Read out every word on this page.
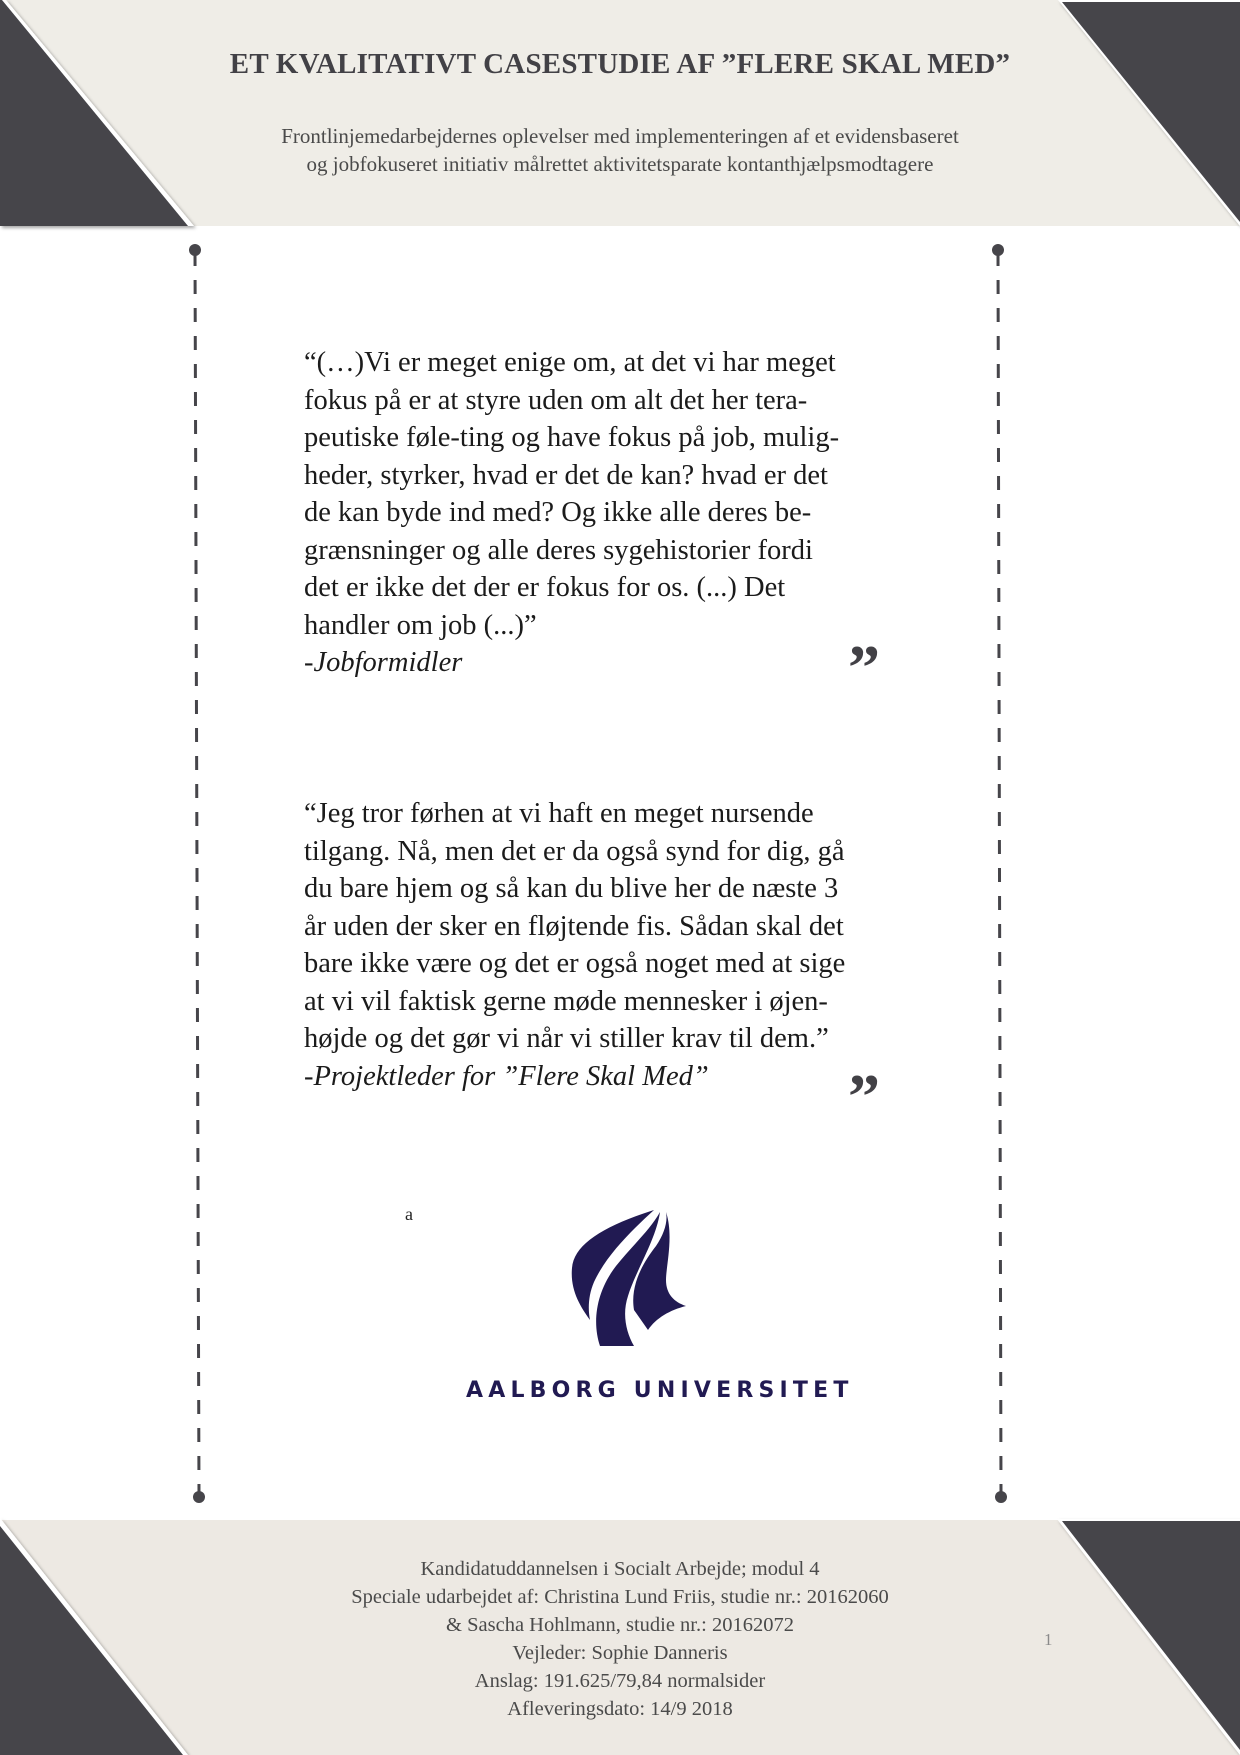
ET KVALITATIVT CASESTUDIE AF ”FLERE SKAL MED”
Frontlinjemedarbejdernes oplevelser med implementeringen af et evidensbaseret
og jobfokuseret initiativ målrettet aktivitetsparate kontanthjælpsmodtagere
“(…)Vi er meget enige om, at det vi har meget
fokus på er at styre uden om alt det her tera-
peutiske føle-ting og have fokus på job, mulig-
heder, styrker, hvad er det de kan? hvad er det
de kan byde ind med? Og ikke alle deres be-
grænsninger og alle deres sygehistorier fordi
det er ikke det der er fokus for os. (...) Det
handler om job (...)”
-Jobformidler	”
“Jeg tror førhen at vi haft en meget nursende
tilgang. Nå, men det er da også synd for dig, gå
du bare hjem og så kan du blive her de næste 3
år uden der sker en fløjtende fis. Sådan skal det
bare ikke være og det er også noget med at sige
at vi vil faktisk gerne møde mennesker i øjen-
højde og det gør vi når vi stiller krav til dem.”
-Projektleder for ”Flere Skal Med”	”
a
AALBORG UNIVERSITET
Kandidatuddannelsen i Socialt Arbejde; modul 4
Speciale udarbejdet af: Christina Lund Friis, studie nr.: 20162060
& Sascha Hohlmann, studie nr.: 20162072
Vejleder: Sophie Danneris
Anslag: 191.625/79,84 normalsider
Afleveringsdato: 14/9 2018
1
